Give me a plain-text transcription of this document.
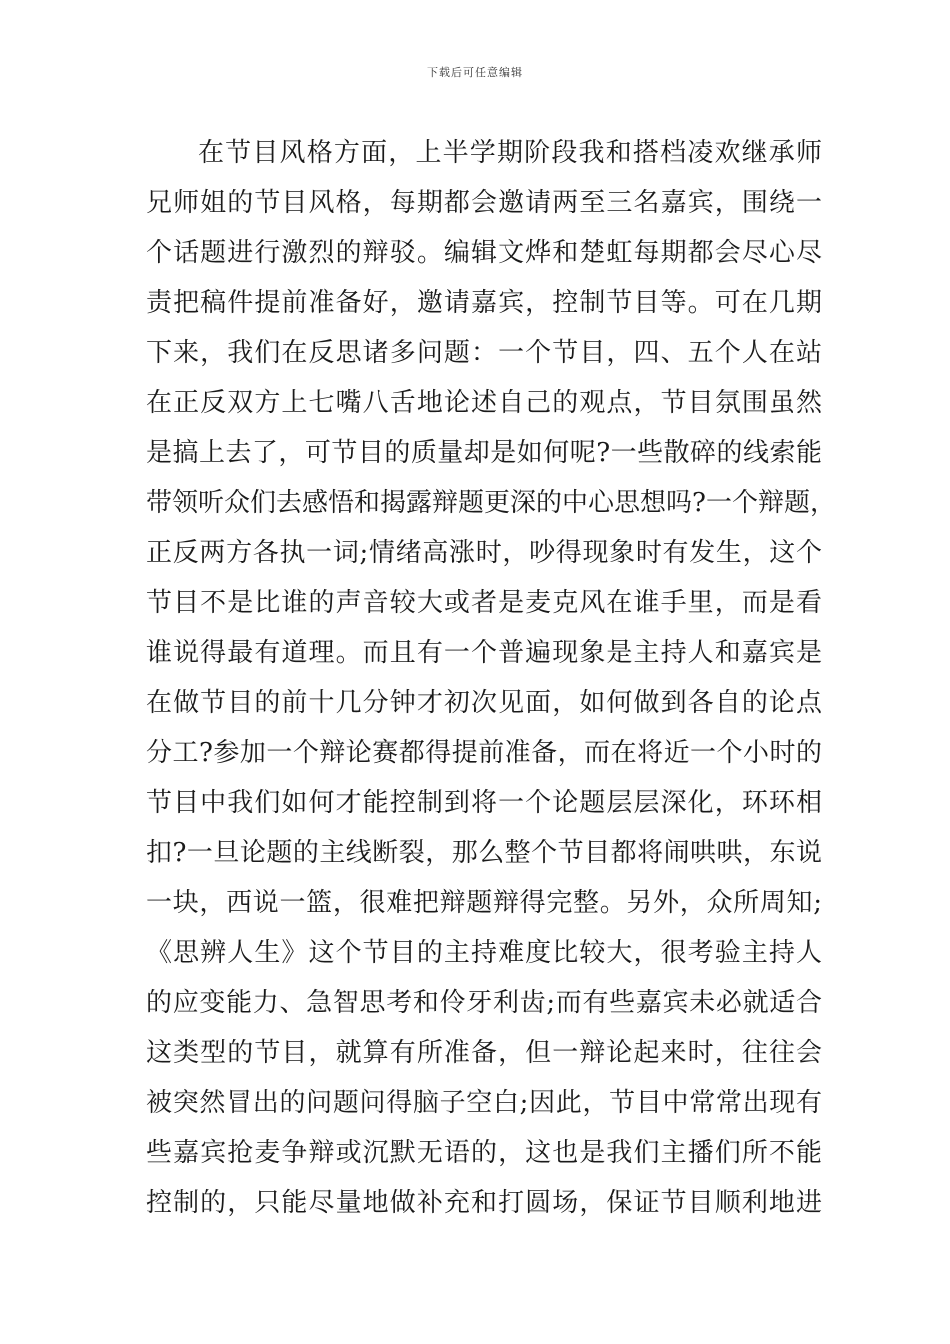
下载后可任意编辑
在节目风格方面，上半学期阶段我和搭档凌欢继承师
兄师姐的节目风格，每期都会邀请两至三名嘉宾，围绕一
个话题进行激烈的辩驳。编辑文烨和楚虹每期都会尽心尽
责把稿件提前准备好，邀请嘉宾，控制节目等。可在几期
下来，我们在反思诸多问题：一个节目，四、五个人在站
在正反双方上七嘴八舌地论述自己的观点，节目氛围虽然
是搞上去了，可节目的质量却是如何呢?一些散碎的线索能
带领听众们去感悟和揭露辩题更深的中心思想吗?一个辩题，
正反两方各执一词;情绪高涨时，吵得现象时有发生，这个
节目不是比谁的声音较大或者是麦克风在谁手里，而是看
谁说得最有道理。而且有一个普遍现象是主持人和嘉宾是
在做节目的前十几分钟才初次见面，如何做到各自的论点
分工?参加一个辩论赛都得提前准备，而在将近一个小时的
节目中我们如何才能控制到将一个论题层层深化，环环相
扣?一旦论题的主线断裂，那么整个节目都将闹哄哄，东说
一块，西说一篮，很难把辩题辩得完整。另外，众所周知;
《思辨人生》这个节目的主持难度比较大，很考验主持人
的应变能力、急智思考和伶牙利齿;而有些嘉宾未必就适合
这类型的节目，就算有所准备，但一辩论起来时，往往会
被突然冒出的问题问得脑子空白;因此，节目中常常出现有
些嘉宾抢麦争辩或沉默无语的，这也是我们主播们所不能
控制的，只能尽量地做补充和打圆场，保证节目顺利地进
